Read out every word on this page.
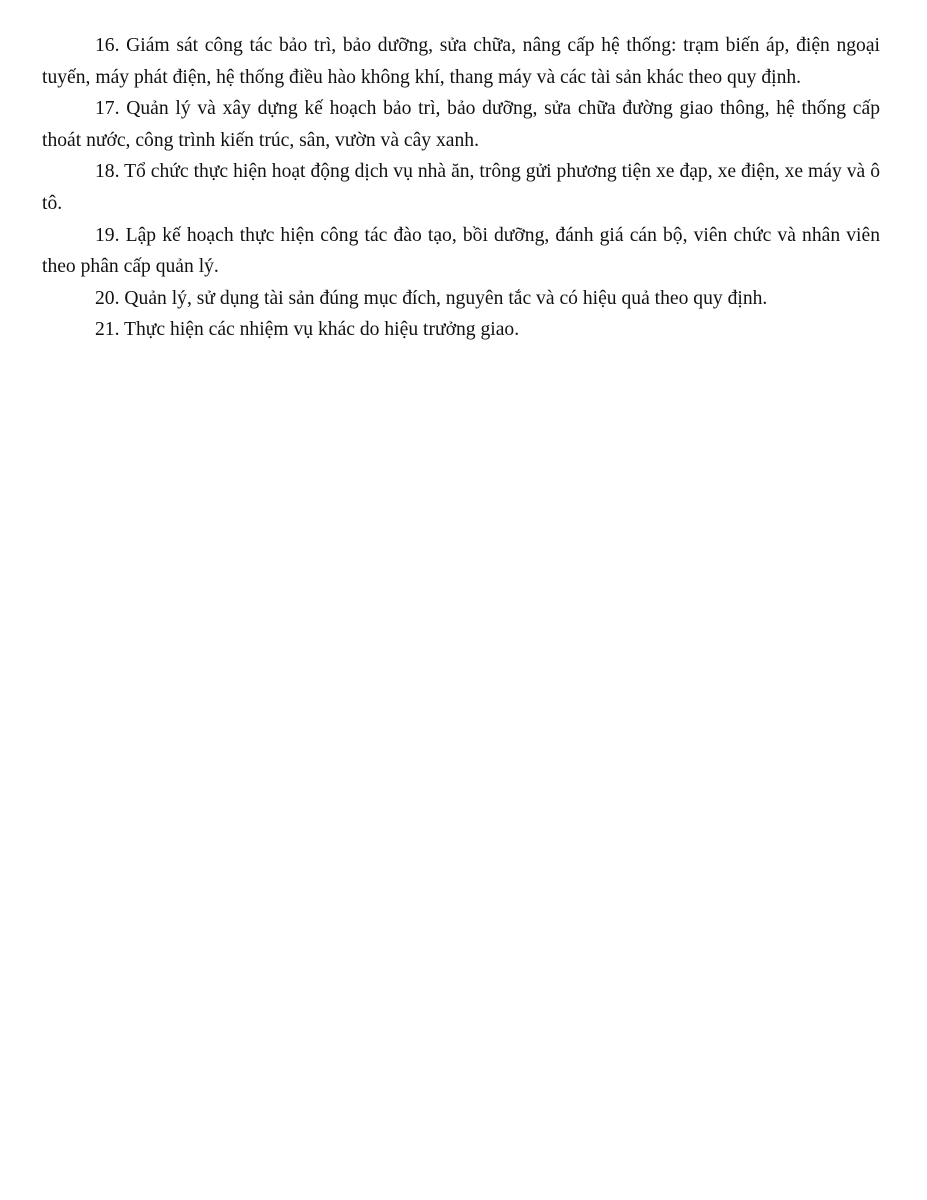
16. Giám sát công tác bảo trì, bảo dưỡng, sửa chữa, nâng cấp hệ thống: trạm biến áp, điện ngoại tuyến, máy phát điện, hệ thống điều hào không khí, thang máy và các tài sản khác theo quy định.

17. Quản lý và xây dựng kế hoạch bảo trì, bảo dưỡng, sửa chữa đường giao thông, hệ thống cấp thoát nước, công trình kiến trúc, sân, vườn và cây xanh.

18. Tổ chức thực hiện hoạt động dịch vụ nhà ăn, trông gửi phương tiện xe đạp, xe điện, xe máy và ô tô.

19. Lập kế hoạch thực hiện công tác đào tạo, bồi dưỡng, đánh giá cán bộ, viên chức và nhân viên theo phân cấp quản lý.

20. Quản lý, sử dụng tài sản đúng mục đích, nguyên tắc và có hiệu quả theo quy định.

21. Thực hiện các nhiệm vụ khác do hiệu trưởng giao.
